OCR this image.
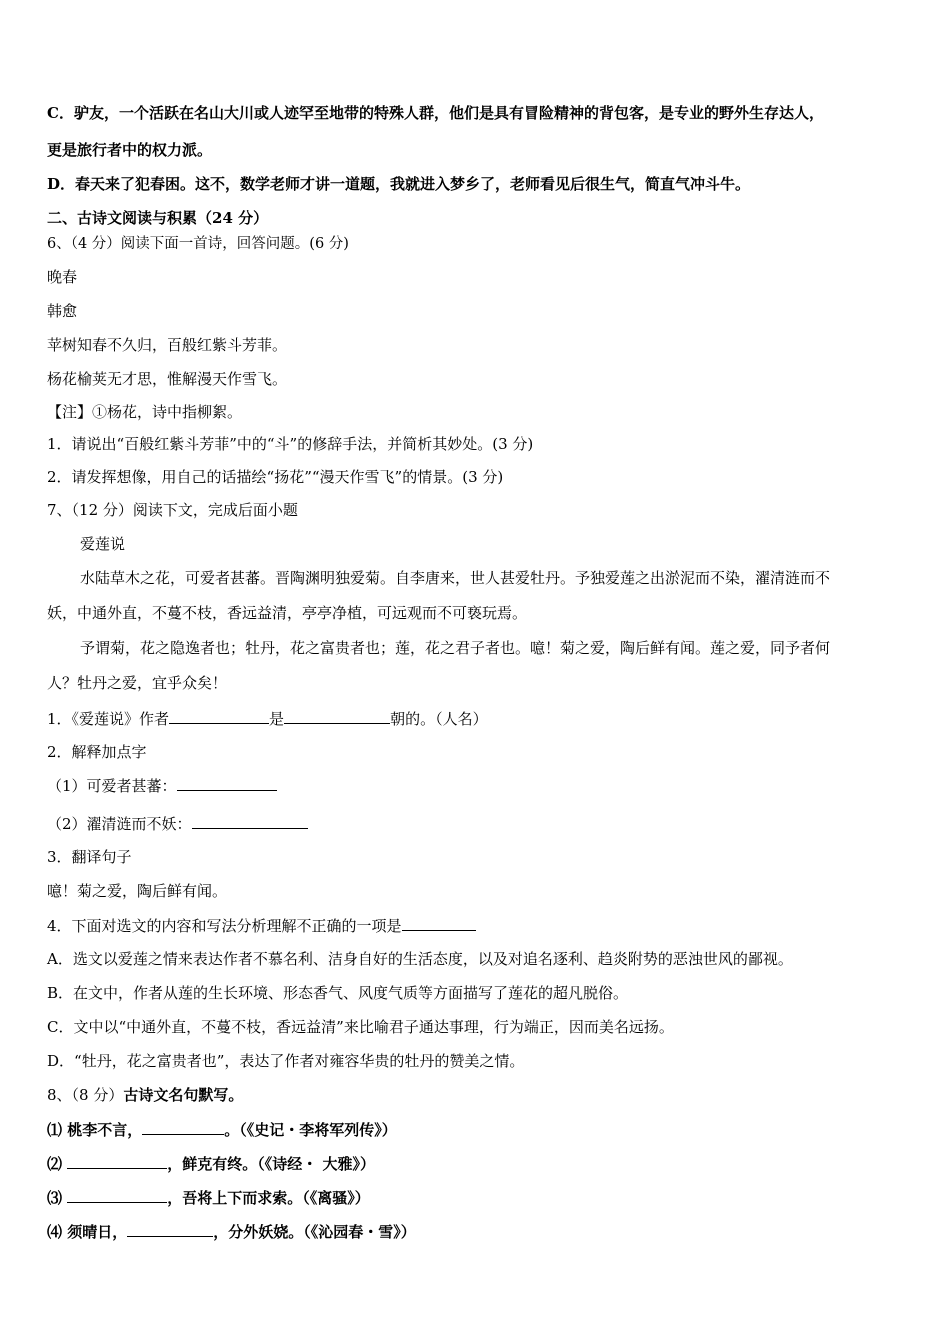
C．驴友，一个活跃在名山大川或人迹罕至地带的特殊人群，他们是具有冒险精神的背包客，是专业的野外生存达人，
更是旅行者中的权力派。
D．春天来了犯春困。这不，数学老师才讲一道题，我就进入梦乡了，老师看见后很生气，简直气冲斗牛。
二、古诗文阅读与积累（24 分）
6、（4 分）阅读下面一首诗，回答问题。(6 分)
晚春
韩愈
苹树知春不久归，百般红紫斗芳菲。
杨花榆荚无才思，惟解漫天作雪飞。
【注】①杨花，诗中指柳絮。
1．请说出“百般红紫斗芳菲”中的“斗”的修辞手法，并简析其妙处。(3 分)
2．请发挥想像，用自己的话描绘“扬花”“漫天作雪飞”的情景。(3 分)
7、（12 分）阅读下文，完成后面小题
爱莲说
水陆草木之花，可爱者甚蕃。晋陶渊明独爱菊。自李唐来，世人甚爱牡丹。予独爱莲之出淤泥而不染，濯清涟而不
妖，中通外直，不蔓不枝，香远益清，亭亭净植，可远观而不可亵玩焉。
予谓菊，花之隐逸者也；牡丹，花之富贵者也；莲，花之君子者也。噫！菊之爱，陶后鲜有闻。莲之爱，同予者何
人？牡丹之爱，宜乎众矣！
1．《爱莲说》作者	是	朝的。（人名）
2．解释加点字
（1）可爱者甚蕃：
（2）濯清涟而不妖：
3．翻译句子
噫！菊之爱，陶后鲜有闻。
4．下面对选文的内容和写法分析理解不正确的一项是
A．选文以爱莲之情来表达作者不慕名利、洁身自好的生活态度，以及对追名逐利、趋炎附势的恶浊世风的鄙视。
B．在文中，作者从莲的生长环境、形态香气、风度气质等方面描写了莲花的超凡脱俗。
C．文中以“中通外直，不蔓不枝，香远益清”来比喻君子通达事理，行为端正，因而美名远扬。
D．“牡丹，花之富贵者也”，表达了作者对雍容华贵的牡丹的赞美之情。
8、（8 分）古诗文名句默写。
⑴ 桃李不言，	。（《史记・李将军列传》）
⑵	，鲜克有终。（《诗经・ 大雅》）
⑶	，吾将上下而求索。（《离骚》）
⑷ 须晴日，	，分外妖娆。（《沁园春・雪》）
